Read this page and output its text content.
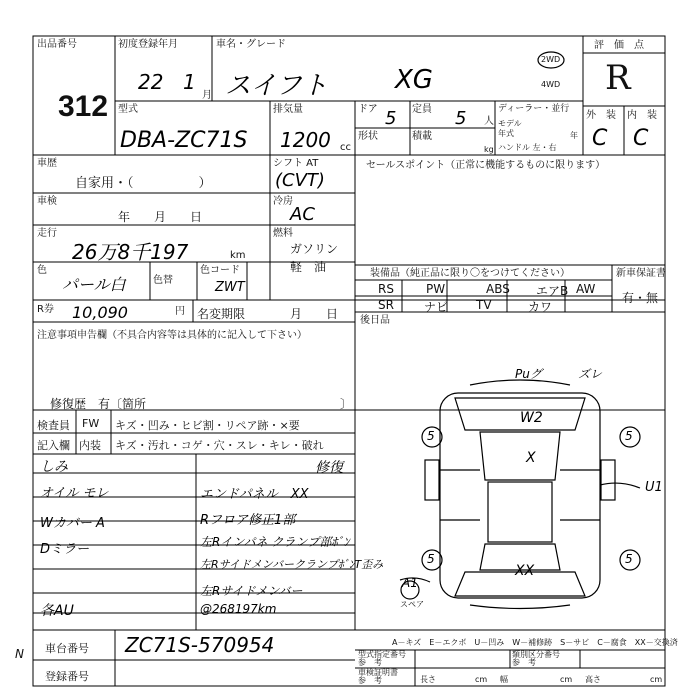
出品番号
312
初度登録年月
22 1
月
車名・グレード
スイフト	XG
2WD
4WD
評　価　点
R
外　装 内　装
C C
型式
DBA-ZC71S
排気量
1200 cc
ドア 5 定員 5 人
形状	積載
kg
ディーラー・並行
モデル
年式	年
ハンドル 左・右
車歴
自家用・（　　　　　）
シフト AT
(CVT)
車検
年　　月　　日
冷房
AC
走行
26万8千197	km
燃料
ガソリン
軽　油
色
パール白	色替
色コード
ZWT
セールスポイント（正常に機能するものに限ります）
装備品（純正品に限り〇をつけてください）	新車保証書
有・無
RS	PW	ABS エアB AW
SR	ナビ TV	カワ
後日品
R券 10,090	円 名変期限	月　　日
注意事項申告欄（不具合内容等は具体的に記入して下さい）
修復歴　有〔箇所	〕
検査員 FW キズ・凹み・ヒビ割・リペア跡・×要
記入欄 内装 キズ・汚れ・コゲ・穴・スレ・キレ・破れ
しみ
オイル モレ
Wカバー A
Dミラー
各AU
修復
エンドパネル　XX
Rフロア修正1部
左Rインパネ クランプ部ﾎﾞﾝ
左RサイドメンバークランプﾎﾞﾝT歪み
左Rサイドメンバー
@268197km
Puグ	ズレ
W2
X
U1
XX
A1
5	5
5	5
スペア
A－キズ　E－エクボ　U－凹み　W－補修跡　S－サビ　C－腐食　XX－交換済
N 車台番号 ZC71S-570954
登録番号
型式指定番号
参　考
類別区分番号
参　考
車検証明書
参　考	長さ	cm 幅	cm 高さ	cm
